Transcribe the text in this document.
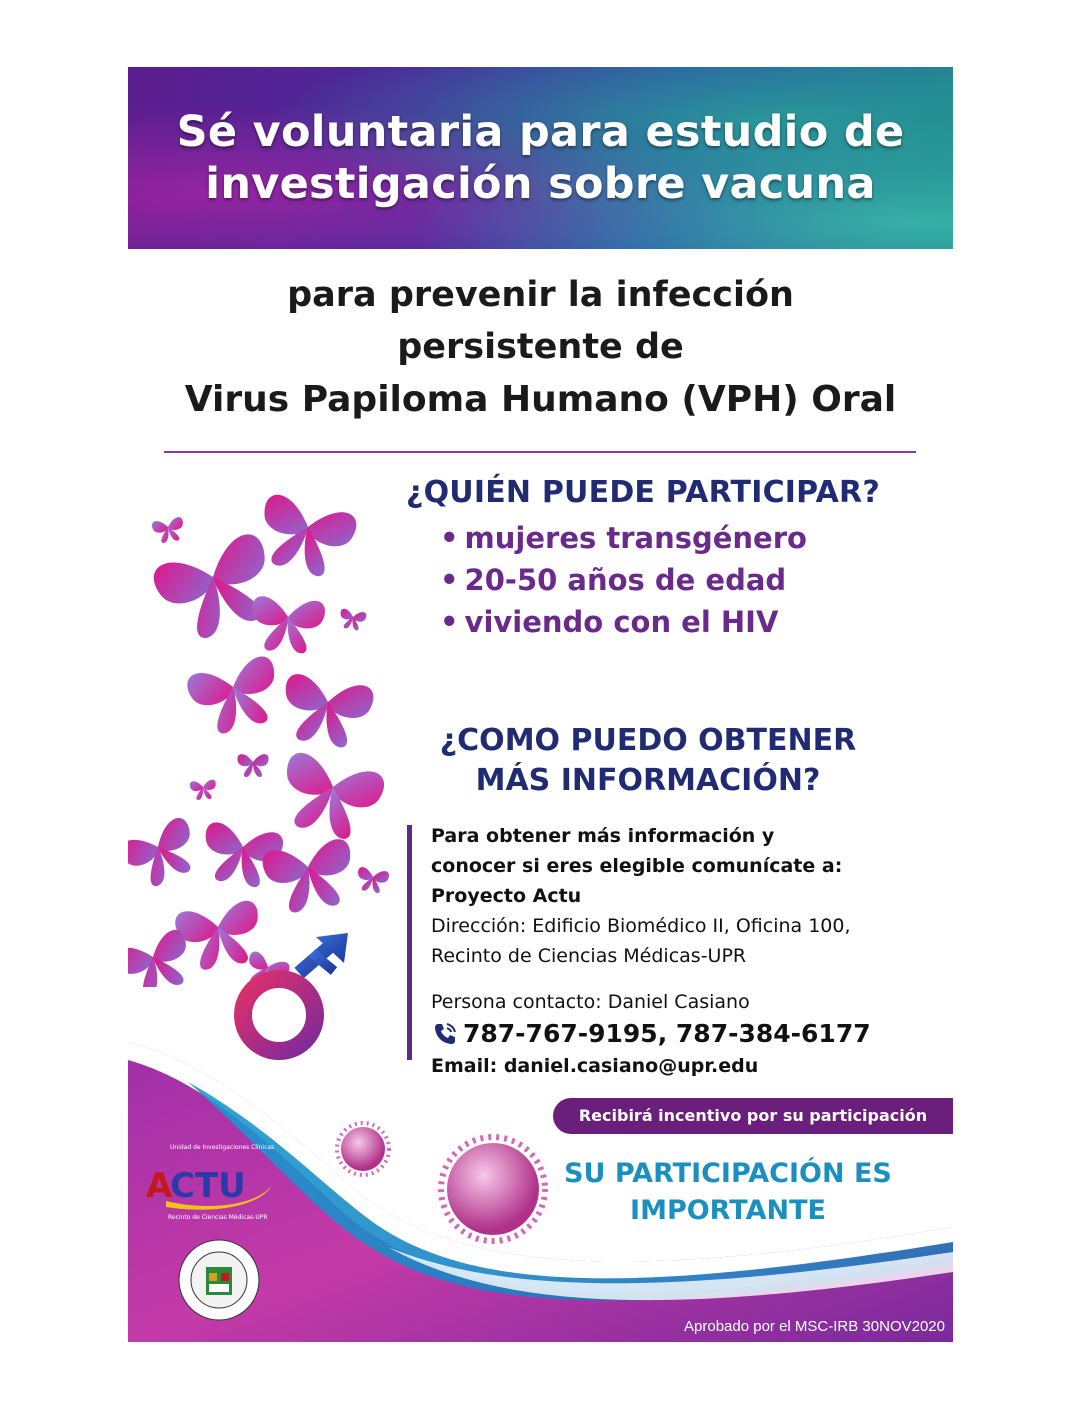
Sé voluntaria para estudio de
investigación sobre vacuna
para prevenir la infección
persistente de
Virus Papiloma Humano (VPH) Oral
¿QUIÉN PUEDE PARTICIPAR?
• mujeres transgénero
• 20-50 años de edad
• viviendo con el HIV
¿COMO PUEDO OBTENER
MÁS INFORMACIÓN?
Para obtener más información y
conocer si eres elegible comunícate a:
Proyecto Actu
Dirección: Edificio Biomédico II, Oficina 100,
Recinto de Ciencias Médicas-UPR
Persona contacto: Daniel Casiano
787-767-9195, 787-384-6177
Email: daniel.casiano@upr.edu
Recibirá incentivo por su participación
SU PARTICIPACIÓN ES
IMPORTANTE
A
CTU
Unidad de Investigaciones Clínicas
Recinto de Ciencias Médicas-UPR
Aprobado por el MSC-IRB 30NOV2020
